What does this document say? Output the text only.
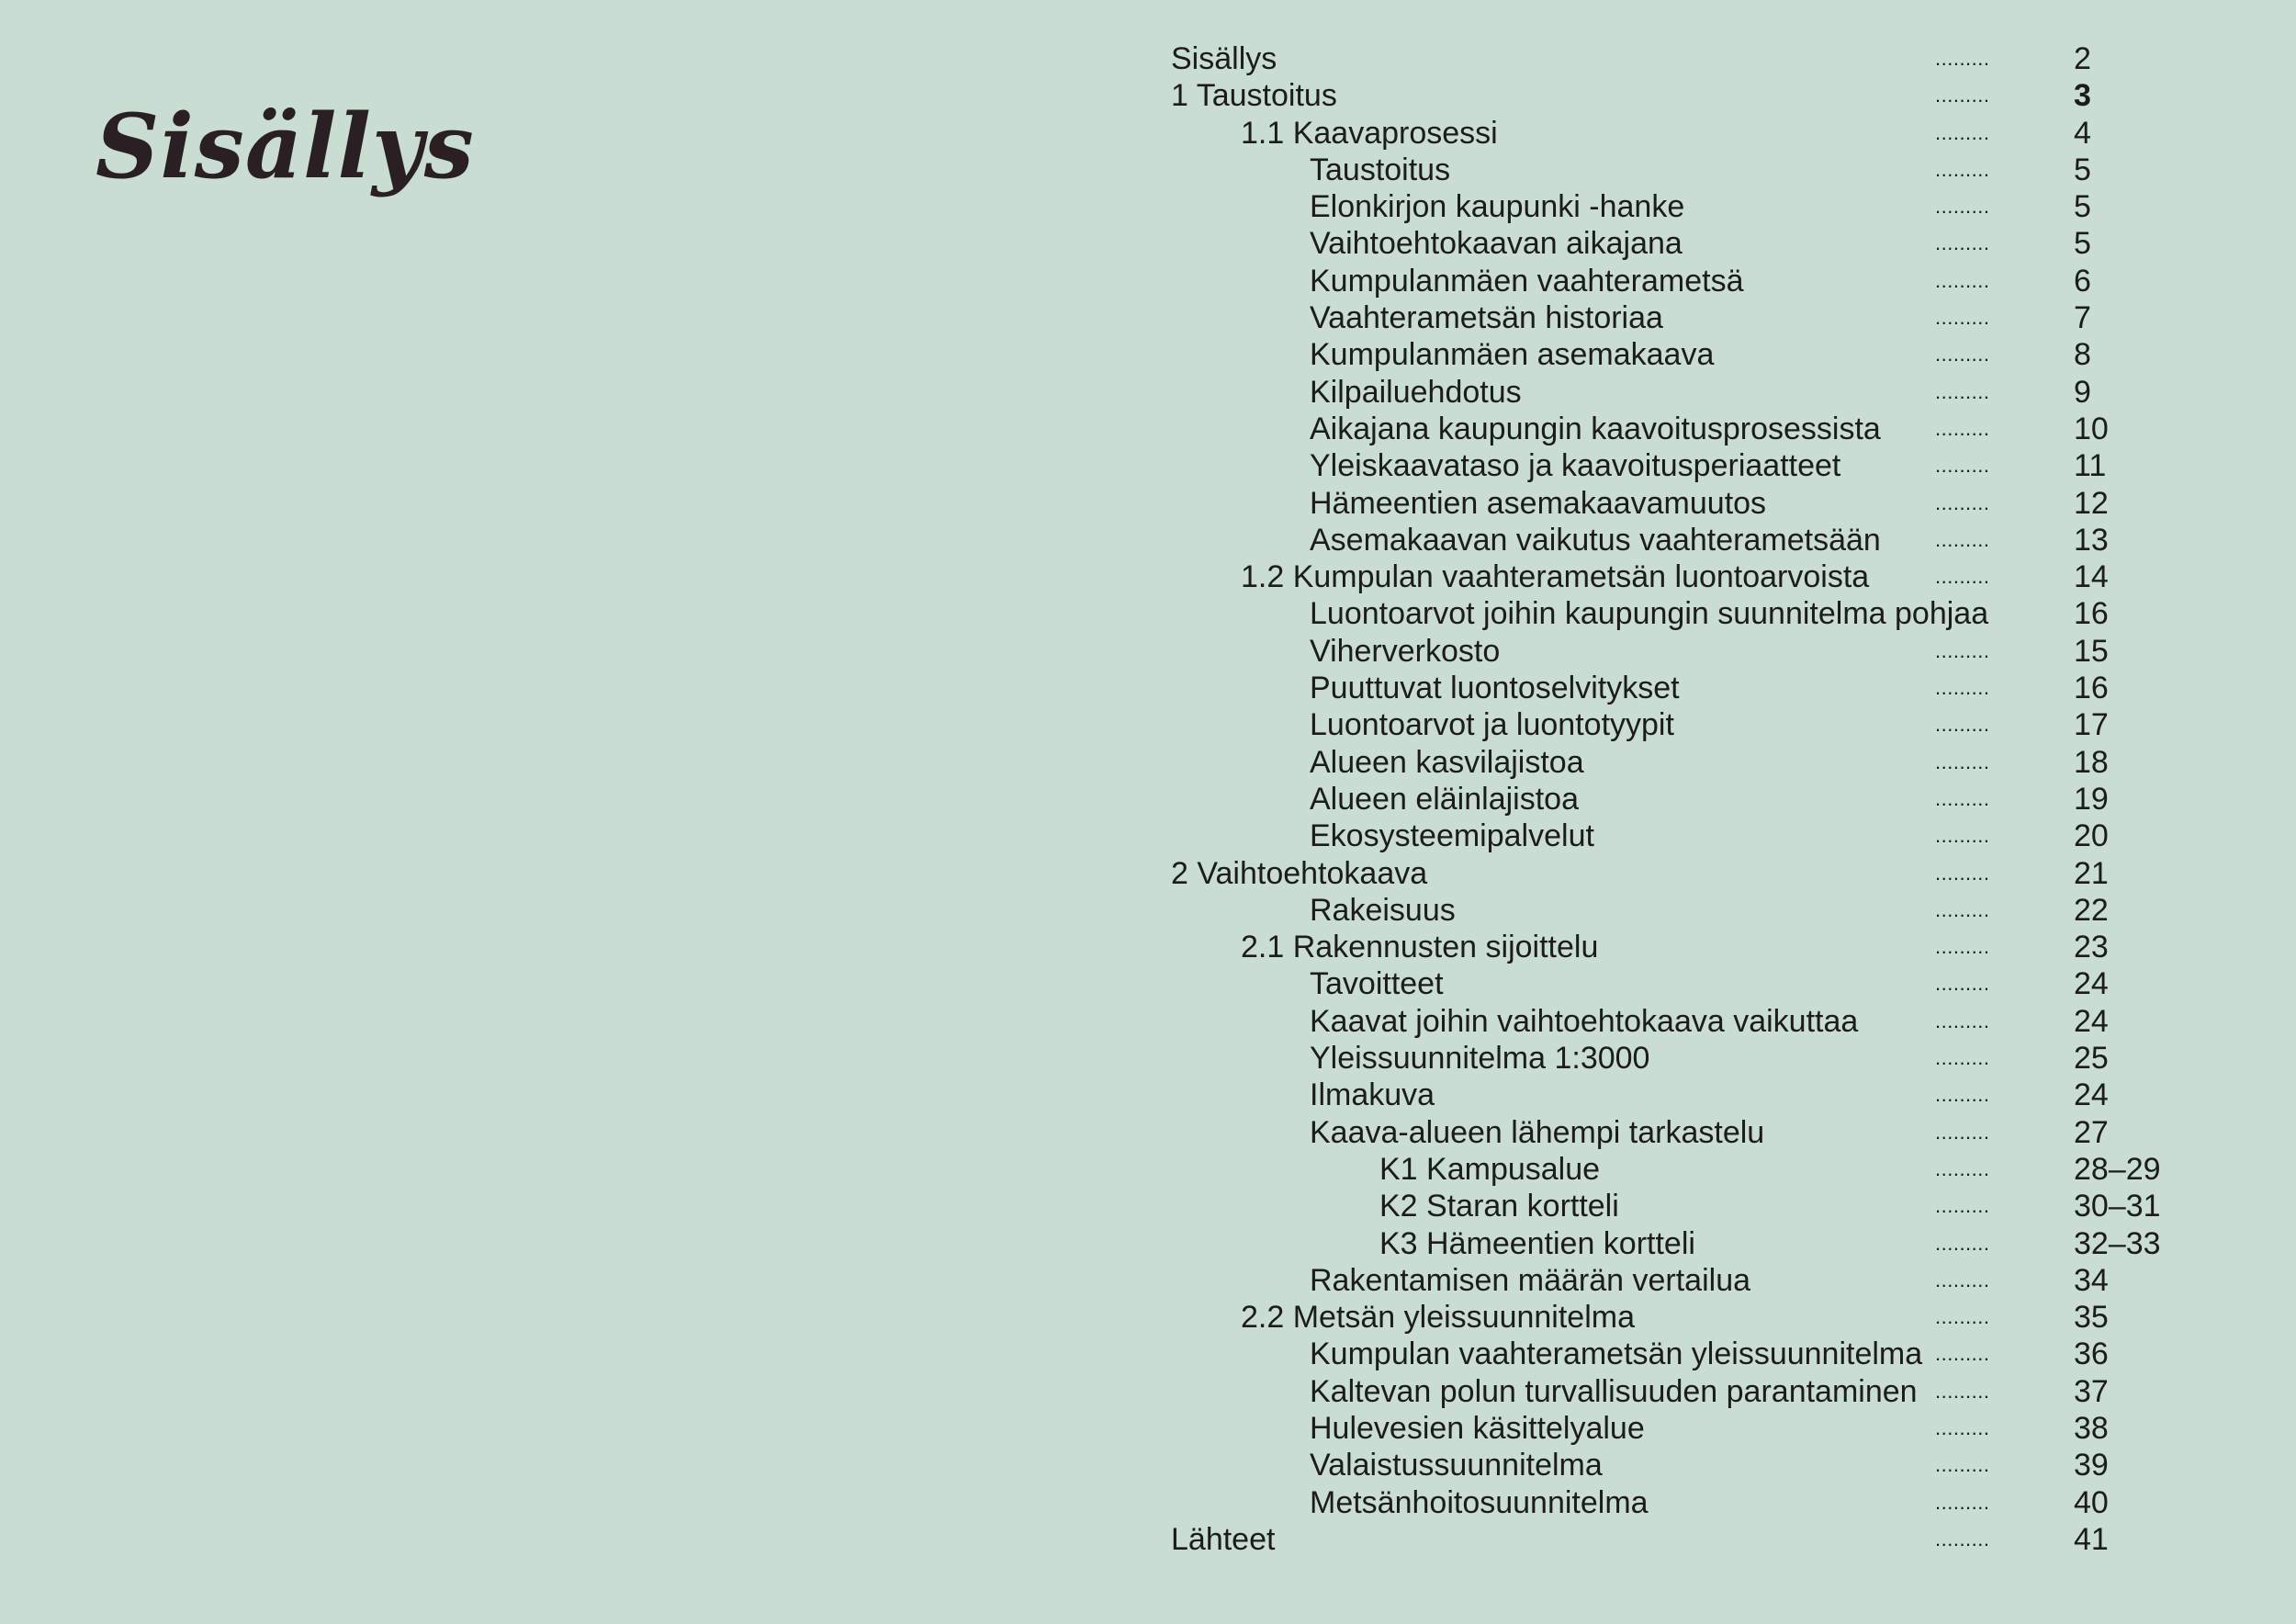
Sisällys
Sisällys	.........	2
1 Taustoitus	.........	3
1.1 Kaavaprosessi	.........	4
Taustoitus	.........	5
Elonkirjon kaupunki -hanke	.........	5
Vaihtoehtokaavan aikajana	.........	5
Kumpulanmäen vaahterametsä	.........	6
Vaahterametsän historiaa	.........	7
Kumpulanmäen asemakaava	.........	8
Kilpailuehdotus	.........	9
Aikajana kaupungin kaavoitusprosessista	.........	10
Yleiskaavataso ja kaavoitusperiaatteet	.........	11
Hämeentien asemakaavamuutos	.........	12
Asemakaavan vaikutus vaahterametsään	.........	13
1.2 Kumpulan vaahterametsän luontoarvoista	.........	14
Luontoarvot joihin kaupungin suunnitelma pohjaa	16
Viherverkosto	.........	15
Puuttuvat luontoselvitykset	.........	16
Luontoarvot ja luontotyypit	.........	17
Alueen kasvilajistoa	.........	18
Alueen eläinlajistoa	.........	19
Ekosysteemipalvelut	.........	20
2 Vaihtoehtokaava	.........	21
Rakeisuus	.........	22
2.1 Rakennusten sijoittelu	.........	23
Tavoitteet	.........	24
Kaavat joihin vaihtoehtokaava vaikuttaa	.........	24
Yleissuunnitelma 1:3000	.........	25
Ilmakuva	.........	24
Kaava-alueen lähempi tarkastelu	.........	27
K1 Kampusalue	.........	28–29
K2 Staran kortteli	.........	30–31
K3 Hämeentien kortteli	.........	32–33
Rakentamisen määrän vertailua	.........	34
2.2 Metsän yleissuunnitelma	.........	35
Kumpulan vaahterametsän yleissuunnitelma .........	36
Kaltevan polun turvallisuuden parantaminen .........	37
Hulevesien käsittelyalue	.........	38
Valaistussuunnitelma	.........	39
Metsänhoitosuunnitelma	.........	40
Lähteet	.........	41
